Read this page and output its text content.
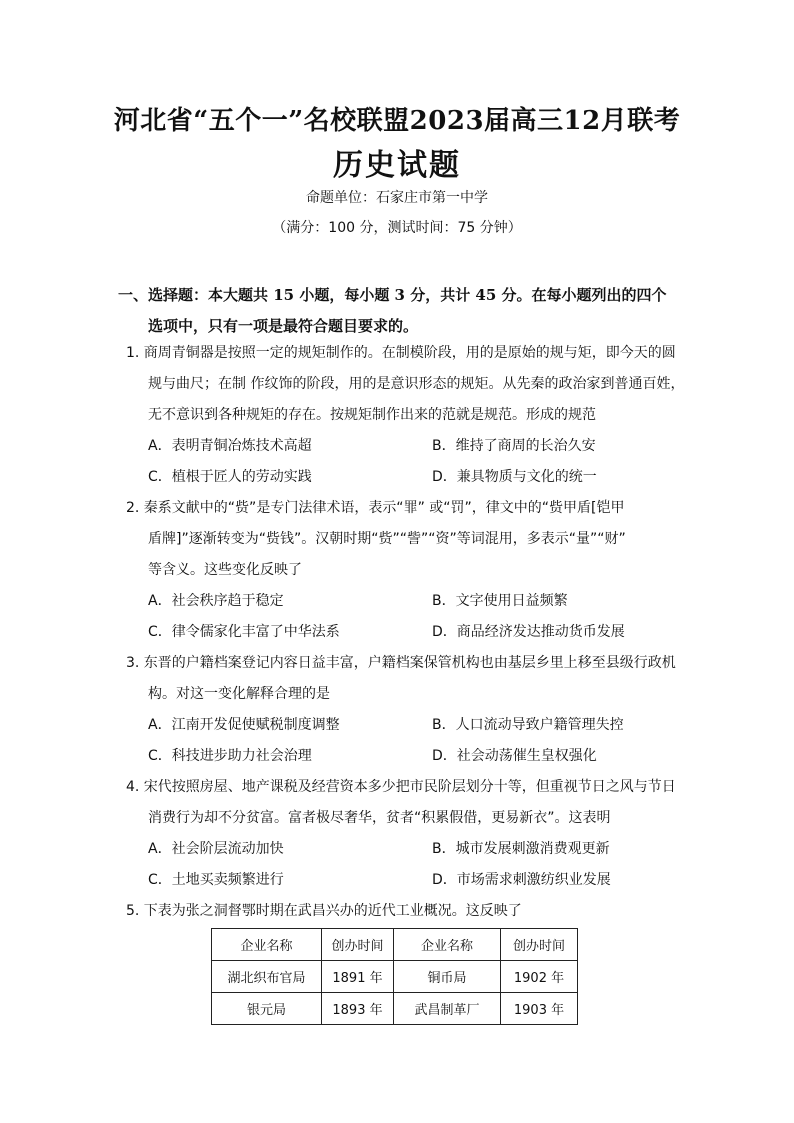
河北省“五个一”名校联盟2023届高三12月联考
历史试题
命题单位：石家庄市第一中学
（满分：100 分，测试时间：75 分钟）
一、选择题：本大题共 15 小题，每小题 3 分，共计 45 分。在每小题列出的四个
选项中，只有一项是最符合题目要求的。
1. 商周青铜器是按照一定的规矩制作的。在制模阶段，用的是原始的规与矩，即今天的圆
规与曲尺；在制 作纹饰的阶段，用的是意识形态的规矩。从先秦的政治家到普通百姓，
无不意识到各种规矩的存在。按规矩制作出来的范就是规范。形成的规范
A．表明青铜冶炼技术高超	B．维持了商周的长治久安
C．植根于匠人的劳动实践	D．兼具物质与文化的统一
2. 秦系文献中的“赀”是专门法律术语，表示“罪” 或“罚”，律文中的“赀甲盾[铠甲
盾牌]”逐渐转变为“赀钱”。汉朝时期“赀”“訾”“资”等词混用，多表示“量”“财”
等含义。这些变化反映了
A．社会秩序趋于稳定	B．文字使用日益频繁
C．律令儒家化丰富了中华法系	D．商品经济发达推动货币发展
3. 东晋的户籍档案登记内容日益丰富，户籍档案保管机构也由基层乡里上移至县级行政机
构。对这一变化解释合理的是
A．江南开发促使赋税制度调整	B．人口流动导致户籍管理失控
C．科技进步助力社会治理	D．社会动荡催生皇权强化
4. 宋代按照房屋、地产课税及经营资本多少把市民阶层划分十等，但重视节日之风与节日
消费行为却不分贫富。富者极尽奢华，贫者“积累假借，更易新衣”。这表明
A．社会阶层流动加快	B．城市发展刺激消费观更新
C．土地买卖频繁进行	D．市场需求刺激纺织业发展
5. 下表为张之洞督鄂时期在武昌兴办的近代工业概况。这反映了
企业名称	创办时间	企业名称	创办时间
湖北织布官局	1891 年	铜币局	1902 年
银元局	1893 年	武昌制革厂	1903 年
